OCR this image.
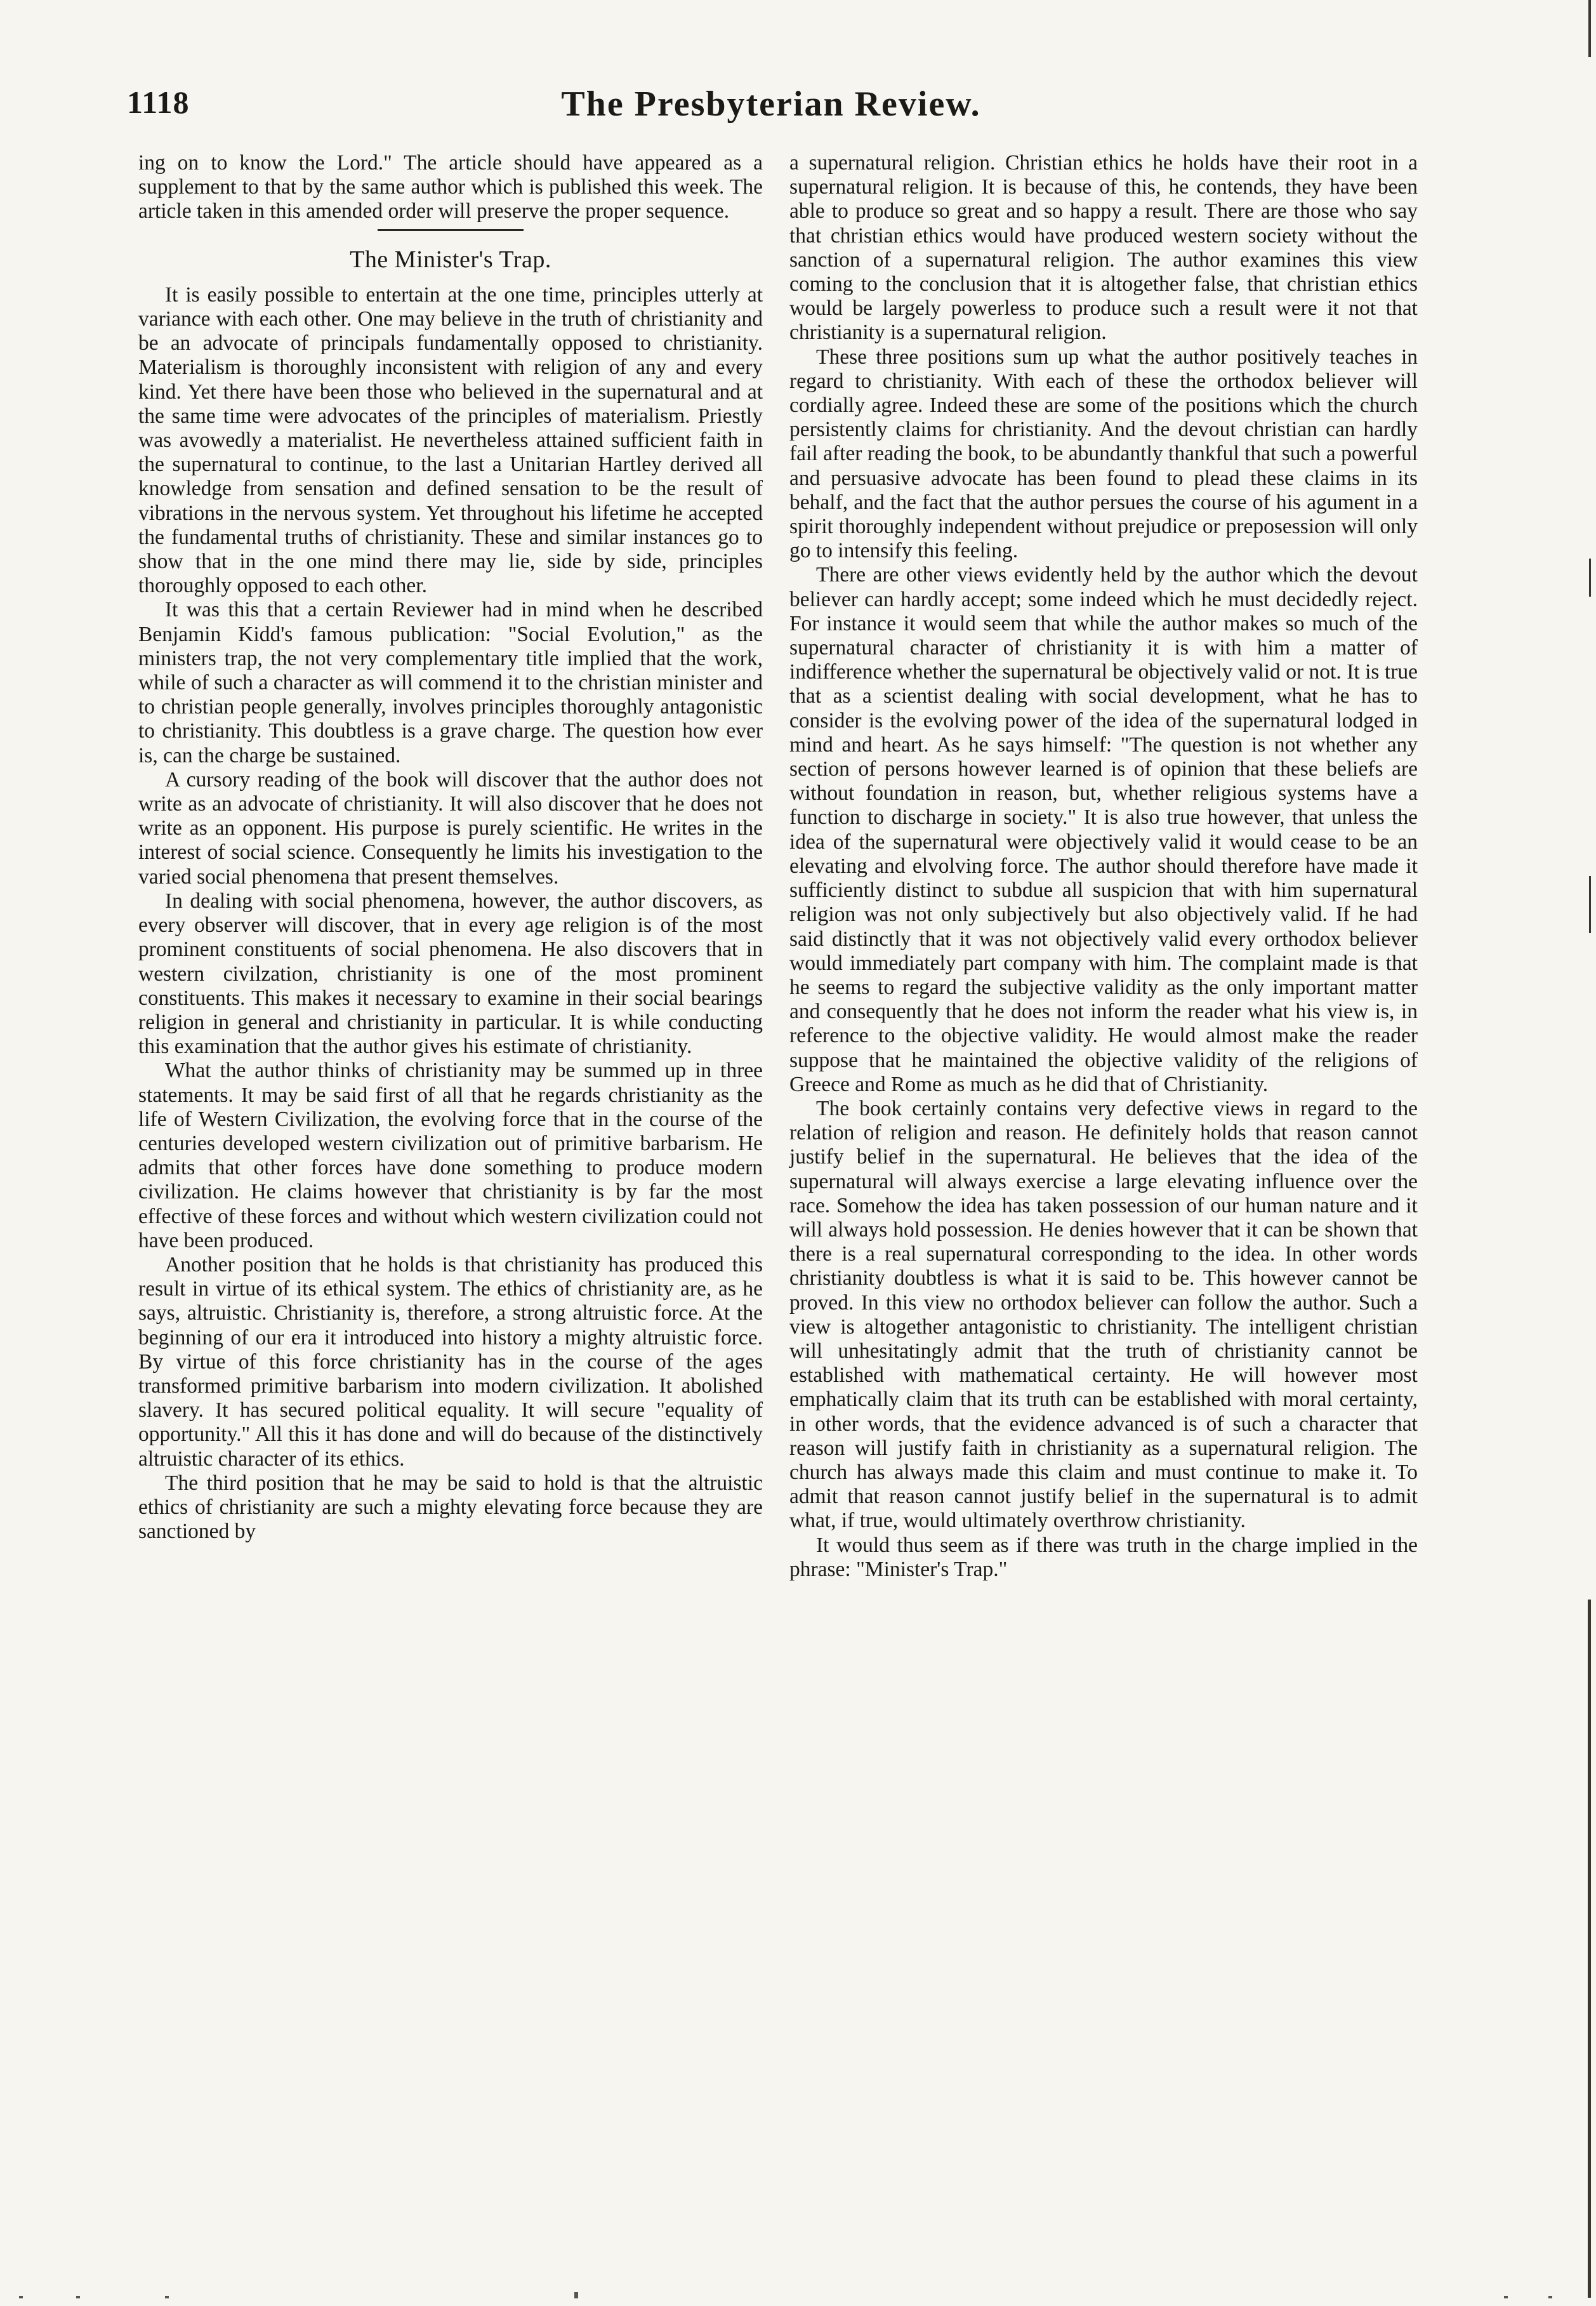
1118	The Presbyterian Review.

ing on to know the Lord." The article should have appeared as a supplement to that by the same author which is published this week. The article taken in this amended order will preserve the proper sequence.

The Minister's Trap.

It is easily possible to entertain at the one time, principles utterly at variance with each other. One may believe in the truth of christianity and be an advocate of principals fundamentally opposed to christianity. Materialism is thoroughly inconsistent with religion of any and every kind. Yet there have been those who believed in the supernatural and at the same time were advocates of the principles of materialism. Priestly was avowedly a materialist. He nevertheless attained sufficient faith in the supernatural to continue, to the last a Unitarian Hartley derived all knowledge from sensation and defined sensation to be the result of vibrations in the nervous system. Yet throughout his lifetime he accepted the fundamental truths of christianity. These and similar instances go to show that in the one mind there may lie, side by side, principles thoroughly opposed to each other.

It was this that a certain Reviewer had in mind when he described Benjamin Kidd's famous publication: "Social Evolution," as the ministers trap, the not very complementary title implied that the work, while of such a character as will commend it to the christian minister and to christian people generally, involves principles thoroughly antagonistic to christianity. This doubtless is a grave charge. The question how ever is, can the charge be sustained.

A cursory reading of the book will discover that the author does not write as an advocate of christianity. It will also discover that he does not write as an opponent. His purpose is purely scientific. He writes in the interest of social science. Consequently he limits his investigation to the varied social phenomena that present themselves.

In dealing with social phenomena, however, the author discovers, as every observer will discover, that in every age religion is of the most prominent constituents of social phenomena. He also discovers that in western civilzation, christianity is one of the most prominent constituents. This makes it necessary to examine in their social bearings religion in general and christianity in particular. It is while conducting this examination that the author gives his estimate of christianity.

What the author thinks of christianity may be summed up in three statements. It may be said first of all that he regards christianity as the life of Western Civilization, the evolving force that in the course of the centuries developed western civilization out of primitive barbarism. He admits that other forces have done something to produce modern civilization. He claims however that christianity is by far the most effective of these forces and without which western civilization could not have been produced.

Another position that he holds is that christianity has produced this result in virtue of its ethical system. The ethics of christianity are, as he says, altruistic. Christianity is, therefore, a strong altruistic force. At the beginning of our era it introduced into history a mighty altruistic force. By virtue of this force christianity has in the course of the ages transformed primitive barbarism into modern civilization. It abolished slavery. It has secured political equality. It will secure "equality of opportunity." All this it has done and will do because of the distinctively altruistic character of its ethics.

The third position that he may be said to hold is that the altruistic ethics of christianity are such a mighty elevating force because they are sanctioned by

a supernatural religion. Christian ethics he holds have their root in a supernatural religion. It is because of this, he contends, they have been able to produce so great and so happy a result. There are those who say that christian ethics would have produced western society without the sanction of a supernatural religion. The author examines this view coming to the conclusion that it is altogether false, that christian ethics would be largely powerless to produce such a result were it not that christianity is a supernatural religion.

These three positions sum up what the author positively teaches in regard to christianity. With each of these the orthodox believer will cordially agree. Indeed these are some of the positions which the church persistently claims for christianity. And the devout christian can hardly fail after reading the book, to be abundantly thankful that such a powerful and persuasive advocate has been found to plead these claims in its behalf, and the fact that the author persues the course of his agument in a spirit thoroughly independent without prejudice or preposession will only go to intensify this feeling.

There are other views evidently held by the author which the devout believer can hardly accept; some indeed which he must decidedly reject. For instance it would seem that while the author makes so much of the supernatural character of christianity it is with him a matter of indifference whether the supernatural be objectively valid or not. It is true that as a scientist dealing with social development, what he has to consider is the evolving power of the idea of the supernatural lodged in mind and heart. As he says himself: "The question is not whether any section of persons however learned is of opinion that these beliefs are without foundation in reason, but, whether religious systems have a function to discharge in society." It is also true however, that unless the idea of the supernatural were objectively valid it would cease to be an elevating and elvolving force. The author should therefore have made it sufficiently distinct to subdue all suspicion that with him supernatural religion was not only subjectively but also objectively valid. If he had said distinctly that it was not objectively valid every orthodox believer would immediately part company with him. The complaint made is that he seems to regard the subjective validity as the only important matter and consequently that he does not inform the reader what his view is, in reference to the objective validity. He would almost make the reader suppose that he maintained the objective validity of the religions of Greece and Rome as much as he did that of Christianity.

The book certainly contains very defective views in regard to the relation of religion and reason. He definitely holds that reason cannot justify belief in the supernatural. He believes that the idea of the supernatural will always exercise a large elevating influence over the race. Somehow the idea has taken possession of our human nature and it will always hold possession. He denies however that it can be shown that there is a real supernatural corresponding to the idea. In other words christianity doubtless is what it is said to be. This however cannot be proved. In this view no orthodox believer can follow the author. Such a view is altogether antagonistic to christianity. The intelligent christian will unhesitatingly admit that the truth of christianity cannot be established with mathematical certainty. He will however most emphatically claim that its truth can be established with moral certainty, in other words, that the evidence advanced is of such a character that reason will justify faith in christianity as a supernatural religion. The church has always made this claim and must continue to make it. To admit that reason cannot justify belief in the supernatural is to admit what, if true, would ultimately overthrow christianity.

It would thus seem as if there was truth in the charge implied in the phrase: "Minister's Trap."
